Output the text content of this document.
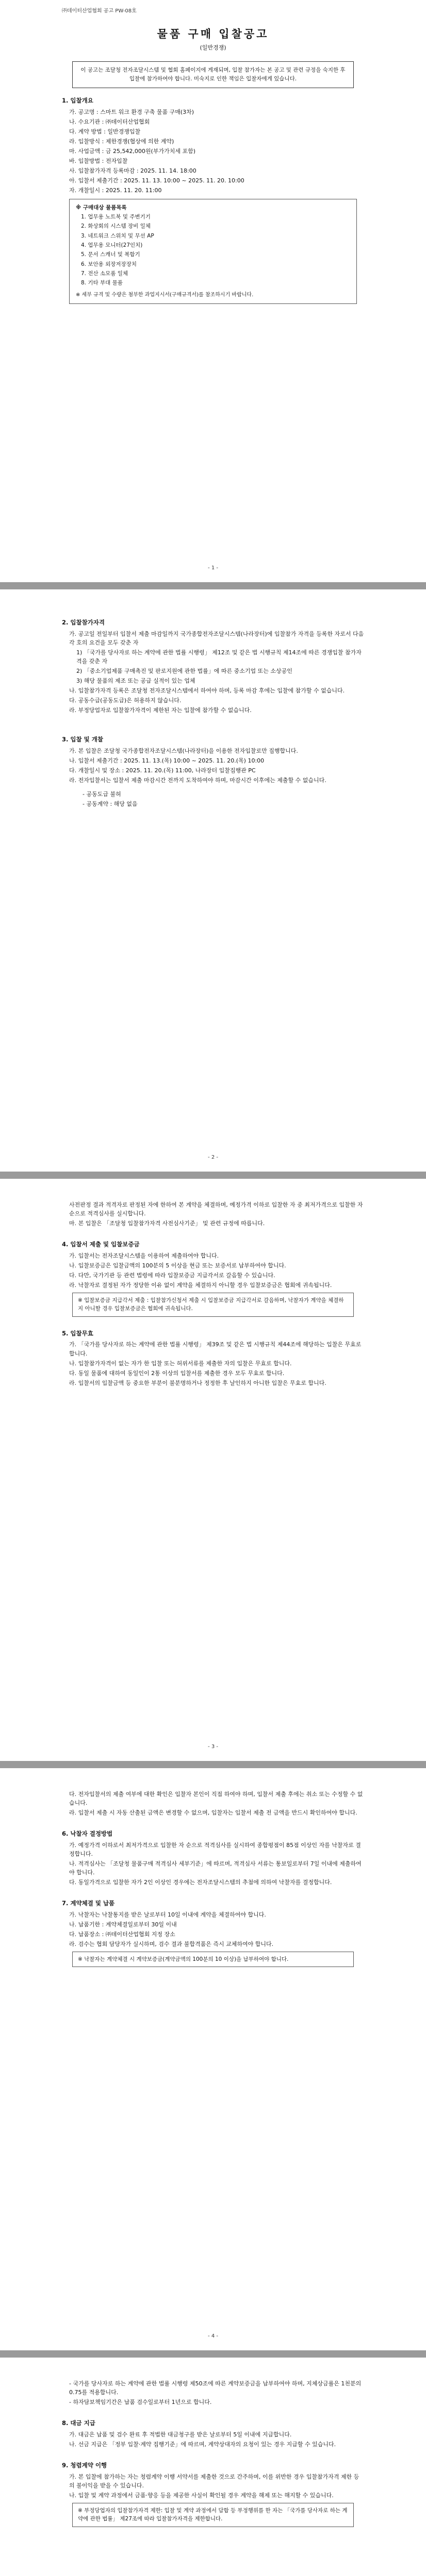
㈜데이터산업협회 공고 PW-08호
물품 구매 입찰공고
(일반경쟁)
이 공고는 조달청 전자조달시스템 및 협회 홈페이지에 게재되며, 입찰 참가자는 본 공고 및 관련 규정을 숙지한 후 입찰에 참가하여야 합니다. 미숙지로 인한 책임은 입찰자에게 있습니다.
1. 입찰개요
가. 공고명 : 스마트 워크 환경 구축 물품 구매(3차)
나. 수요기관 : ㈜데이터산업협회
다. 계약 방법 : 일반경쟁입찰
라. 입찰방식 : 제한경쟁(협상에 의한 계약)
마. 사업금액 : 금 25,542,000원(부가가치세 포함)
바. 입찰방법 : 전자입찰
사. 입찰참가자격 등록마감 : 2025. 11. 14. 18:00
아. 입찰서 제출기간 : 2025. 11. 13. 10:00 ~ 2025. 11. 20. 10:00
자. 개찰일시 : 2025. 11. 20. 11:00
※ 구매대상 물품목록
1. 업무용 노트북 및 주변기기
2. 화상회의 시스템 장비 일체
3. 네트워크 스위치 및 무선 AP
4. 업무용 모니터(27인치)
5. 문서 스캐너 및 복합기
6. 보안용 외장저장장치
7. 전산 소모품 일체
8. 기타 부대 물품
※ 세부 규격 및 수량은 첨부한 과업지시서(구매규격서)를 참조하시기 바랍니다.
- 1 -
2. 입찰참가자격
가. 공고일 전일부터 입찰서 제출 마감일까지 국가종합전자조달시스템(나라장터)에 입찰참가 자격을 등록한 자로서 다음 각 호의 요건을 모두 갖춘 자
1) 「국가를 당사자로 하는 계약에 관한 법률 시행령」 제12조 및 같은 법 시행규칙 제14조에 따른 경쟁입찰 참가자격을 갖춘 자
2) 「중소기업제품 구매촉진 및 판로지원에 관한 법률」에 따른 중소기업 또는 소상공인
3) 해당 물품의 제조 또는 공급 실적이 있는 업체
나. 입찰참가자격 등록은 조달청 전자조달시스템에서 하여야 하며, 등록 마감 후에는 입찰에 참가할 수 없습니다.
다. 공동수급(공동도급)은 허용하지 않습니다.
라. 부정당업자로 입찰참가자격이 제한된 자는 입찰에 참가할 수 없습니다.
3. 입찰 및 개찰
가. 본 입찰은 조달청 국가종합전자조달시스템(나라장터)을 이용한 전자입찰로만 집행합니다.
나. 입찰서 제출기간 : 2025. 11. 13.(목) 10:00 ~ 2025. 11. 20.(목) 10:00
다. 개찰일시 및 장소 : 2025. 11. 20.(목) 11:00, 나라장터 입찰집행관 PC
라. 전자입찰서는 입찰서 제출 마감시간 전까지 도착하여야 하며, 마감시간 이후에는 제출할 수 없습니다.
- 공동도급 불허
- 공동계약 : 해당 없음
- 2 -
사전판정 결과 적격자로 판정된 자에 한하여 본 계약을 체결하며, 예정가격 이하로 입찰한 자 중 최저가격으로 입찰한 자 순으로 적격심사를 실시합니다.
마. 본 입찰은 「조달청 입찰참가자격 사전심사기준」 및 관련 규정에 따릅니다.
4. 입찰서 제출 및 입찰보증금
가. 입찰서는 전자조달시스템을 이용하여 제출하여야 합니다.
나. 입찰보증금은 입찰금액의 100분의 5 이상을 현금 또는 보증서로 납부하여야 합니다.
다. 다만, 국가기관 등 관련 법령에 따라 입찰보증금 지급각서로 갈음할 수 있습니다.
라. 낙찰자로 결정된 자가 정당한 이유 없이 계약을 체결하지 아니할 경우 입찰보증금은 협회에 귀속됩니다.
※ 입찰보증금 지급각서 제출 : 입찰참가신청서 제출 시 입찰보증금 지급각서로 갈음하며, 낙찰자가 계약을 체결하지 아니할 경우 입찰보증금은 협회에 귀속됩니다.
5. 입찰무효
가. 「국가를 당사자로 하는 계약에 관한 법률 시행령」 제39조 및 같은 법 시행규칙 제44조에 해당하는 입찰은 무효로 합니다.
나. 입찰참가자격이 없는 자가 한 입찰 또는 허위서류를 제출한 자의 입찰은 무효로 합니다.
다. 동일 물품에 대하여 동일인이 2통 이상의 입찰서를 제출한 경우 모두 무효로 합니다.
라. 입찰서의 입찰금액 등 중요한 부분이 불분명하거나 정정한 후 날인하지 아니한 입찰은 무효로 합니다.
- 3 -
다. 전자입찰서의 제출 여부에 대한 확인은 입찰자 본인이 직접 하여야 하며, 입찰서 제출 후에는 취소 또는 수정할 수 없습니다.
라. 입찰서 제출 시 자동 산출된 금액은 변경할 수 없으며, 입찰자는 입찰서 제출 전 금액을 반드시 확인하여야 합니다.
6. 낙찰자 결정방법
가. 예정가격 이하로서 최저가격으로 입찰한 자 순으로 적격심사를 실시하여 종합평점이 85점 이상인 자를 낙찰자로 결정합니다.
나. 적격심사는 「조달청 물품구매 적격심사 세부기준」에 따르며, 적격심사 서류는 통보일로부터 7일 이내에 제출하여야 합니다.
다. 동일가격으로 입찰한 자가 2인 이상인 경우에는 전자조달시스템의 추첨에 의하여 낙찰자를 결정합니다.
7. 계약체결 및 납품
가. 낙찰자는 낙찰통지를 받은 날로부터 10일 이내에 계약을 체결하여야 합니다.
나. 납품기한 : 계약체결일로부터 30일 이내
다. 납품장소 : ㈜데이터산업협회 지정 장소
라. 검수는 협회 담당자가 실시하며, 검수 결과 불합격품은 즉시 교체하여야 합니다.
※ 낙찰자는 계약체결 시 계약보증금(계약금액의 100분의 10 이상)을 납부하여야 합니다.
- 4 -
- 국가를 당사자로 하는 계약에 관한 법률 시행령 제50조에 따른 계약보증금을 납부하여야 하며, 지체상금률은 1천분의 0.75를 적용합니다.
- 하자담보책임기간은 납품 검수일로부터 1년으로 합니다.
8. 대금 지급
가. 대금은 납품 및 검수 완료 후 적법한 대금청구를 받은 날로부터 5일 이내에 지급합니다.
나. 선금 지급은 「정부 입찰·계약 집행기준」에 따르며, 계약상대자의 요청이 있는 경우 지급할 수 있습니다.
9. 청렴계약 이행
가. 본 입찰에 참가하는 자는 청렴계약 이행 서약서를 제출한 것으로 간주하며, 이를 위반한 경우 입찰참가자격 제한 등의 불이익을 받을 수 있습니다.
나. 입찰 및 계약 과정에서 금품·향응 등을 제공한 사실이 확인될 경우 계약을 해제 또는 해지할 수 있습니다.
※ 부정당업자의 입찰참가자격 제한: 입찰 및 계약 과정에서 담합 등 부정행위를 한 자는 「국가를 당사자로 하는 계약에 관한 법률」 제27조에 따라 입찰참가자격을 제한합니다.
